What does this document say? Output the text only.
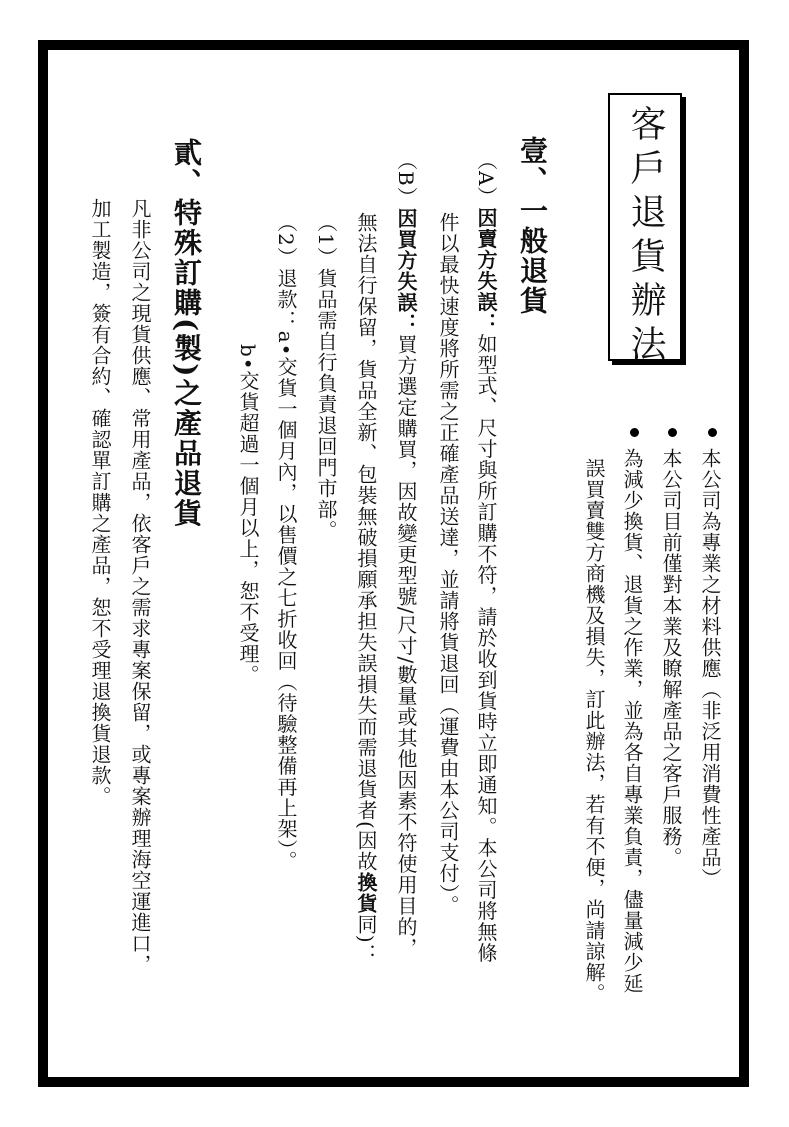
客戶退貨辦法
本公司為專業之材料供應（非泛用消費性產品）
本公司目前僅對本業及瞭解產品之客戶服務。
為減少換貨、退貨之作業，並為各自專業負責，儘量減少延
誤買賣雙方商機及損失，訂此辦法，若有不便，尚請諒解。
壹、一般退貨
（A）因賣方失誤：如型式、尺寸與所訂購不符，請於收到貨時立即通知。本公司將無條
件以最快速度將所需之正確產品送達，並請將貨退回（運費由本公司支付）。
（B）因買方失誤：買方選定購買，因故變更型號/尺寸/數量或其他因素不符使用目的，
無法自行保留，貨品全新、包裝無破損願承担失誤損失而需退貨者(因故換貨同)：
（1）貨品需自行負責退回門市部。
（2）退款：a•交貨一個月內，以售價之七折收回（待驗整備再上架）。
b•交貨超過一個月以上，恕不受理。
貳、特殊訂購(製)之產品退貨
凡非公司之現貨供應、常用產品，依客戶之需求專案保留，或專案辦理海空運進口，
加工製造，簽有合約、確認單訂購之產品，恕不受理退換貨退款。
